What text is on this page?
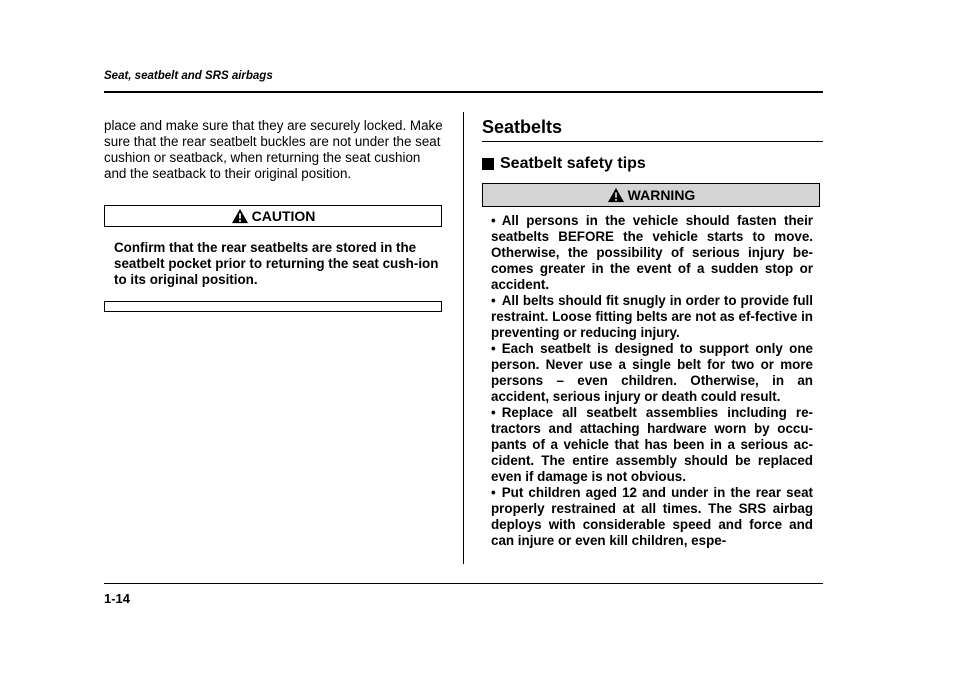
Seat, seatbelt and SRS airbags

place and make sure that they are securely locked. Make sure that the rear seatbelt buckles are not under the seat cushion or seatback, when returning the seat cushion and the seatback to their original position.

CAUTION
Confirm that the rear seatbelts are stored in the seatbelt pocket prior to returning the seat cush-ion to its original position.
Seatbelts
Seatbelt safety tips
WARNING
• All persons in the vehicle should fasten their seatbelts BEFORE the vehicle starts to move. Otherwise, the possibility of serious injury be-comes greater in the event of a sudden stop or accident.
• All belts should fit snugly in order to provide full restraint. Loose fitting belts are not as ef-fective in preventing or reducing injury.
• Each seatbelt is designed to support only one person. Never use a single belt for two or more persons – even children. Otherwise, in an accident, serious injury or death could result.
• Replace all seatbelt assemblies including re-tractors and attaching hardware worn by occu-pants of a vehicle that has been in a serious ac-cident. The entire assembly should be replaced even if damage is not obvious.
• Put children aged 12 and under in the rear seat properly restrained at all times. The SRS airbag deploys with considerable speed and force and can injure or even kill children, espe-
1-14
